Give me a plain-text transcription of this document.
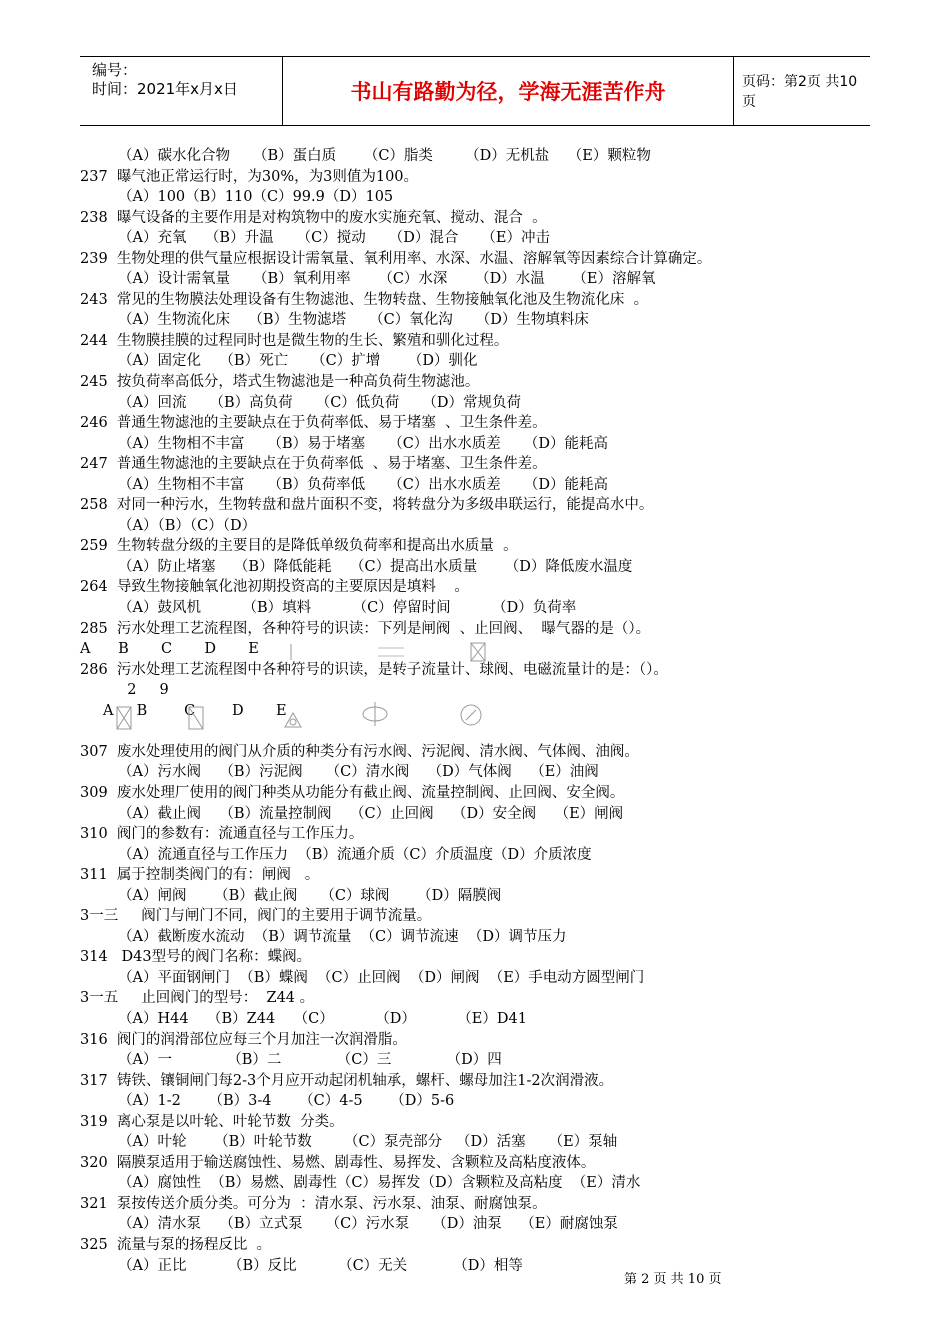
编号：
时间：2021年x月x日	书山有路勤为径，学海无涯苦作舟	页码：第2页 共10页
（A）碳水化合物     （B）蛋白质      （C）脂类       （D）无机盐    （E）颗粒物
237  曝气池正常运行时，为30%，为3则值为100。
（A）100（B）110（C）99.9（D）105
238  曝气设备的主要作用是对构筑物中的废水实施充氧、搅动、混合  。
（A）充氧    （B）升温     （C）搅动     （D）混合     （E）冲击
239  生物处理的供气量应根据设计需氧量、氧利用率、水深、水温、溶解氧等因素综合计算确定。
（A）设计需氧量     （B）氧利用率      （C）水深      （D）水温      （E）溶解氧
243  常见的生物膜法处理设备有生物滤池、生物转盘、生物接触氧化池及生物流化床  。
（A）生物流化床    （B）生物滤塔     （C）氧化沟     （D）生物填料床
244  生物膜挂膜的过程同时也是微生物的生长、繁殖和驯化过程。
（A）固定化    （B）死亡     （C）扩增      （D）驯化
245  按负荷率高低分，塔式生物滤池是一种高负荷生物滤池。
（A）回流     （B）高负荷     （C）低负荷     （D）常规负荷
246  普通生物滤池的主要缺点在于负荷率低、易于堵塞  、卫生条件差。
（A）生物相不丰富     （B）易于堵塞     （C）出水水质差     （D）能耗高
247  普通生物滤池的主要缺点在于负荷率低  、易于堵塞、卫生条件差。
（A）生物相不丰富     （B）负荷率低     （C）出水水质差     （D）能耗高
258  对同一种污水，生物转盘和盘片面积不变，将转盘分为多级串联运行，能提高水中。
（A）（B）（C）（D）
259  生物转盘分级的主要目的是降低单级负荷率和提高出水质量  。
（A）防止堵塞    （B）降低能耗    （C）提高出水质量      （D）降低废水温度
264  导致生物接触氧化池初期投资高的主要原因是填料    。
（A）鼓风机         （B）填料         （C）停留时间         （D）负荷率
285  污水处理工艺流程图，各种符号的识读：下列是闸阀  、止回阀、  曝气器的是（）。
A      B       C       D       E
286  污水处理工艺流程图中各种符号的识读，是转子流量计、球阀、电磁流量计的是：（）。
2     9
A     B        C        D       E

307  废水处理使用的阀门从介质的种类分有污水阀、污泥阀、清水阀、气体阀、油阀。
（A）污水阀    （B）污泥阀     （C）清水阀    （D）气体阀    （E）油阀
309  废水处理厂使用的阀门种类从功能分有截止阀、流量控制阀、止回阀、安全阀。
（A）截止阀    （B）流量控制阀    （C）止回阀    （D）安全阀    （E）闸阀
310  阀门的参数有：流通直径与工作压力。
（A）流通直径与工作压力  （B）流通介质（C）介质温度（D）介质浓度
311  属于控制类阀门的有：闸阀   。
（A）闸阀      （B）截止阀     （C）球阀      （D）隔膜阀
3一三     阀门与闸门不同，阀门的主要用于调节流量。
（A）截断废水流动  （B）调节流量  （C）调节流速  （D）调节压力
314   D43型号的阀门名称：蝶阀。
（A）平面钢闸门  （B）蝶阀  （C）止回阀  （D）闸阀  （E）手电动方圆型闸门
3一五     止回阀门的型号：  Z44 。
（A）H44    （B）Z44    （C）         （D）         （E）D41
316  阀门的润滑部位应每三个月加注一次润滑脂。
（A）一            （B）二            （C）三            （D）四
317  铸铁、镶铜闸门每2-3个月应开动起闭机轴承，螺杆、螺母加注1-2次润滑液。
（A）1-2      （B）3-4      （C）4-5      （D）5-6
319  离心泵是以叶轮、叶轮节数  分类。
（A）叶轮      （B）叶轮节数       （C）泵壳部分   （D）活塞     （E）泵轴
320  隔膜泵适用于输送腐蚀性、易燃、剧毒性、易挥发、含颗粒及高粘度液体。
（A）腐蚀性  （B）易燃、剧毒性（C）易挥发（D）含颗粒及高粘度  （E）清水
321  泵按传送介质分类。可分为  ：清水泵、污水泵、油泵、耐腐蚀泵。
（A）清水泵    （B）立式泵     （C）污水泵     （D）油泵    （E）耐腐蚀泵
325  流量与泵的扬程反比  。
（A）正比         （B）反比         （C）无关          （D）相等
第 2 页 共 10 页
